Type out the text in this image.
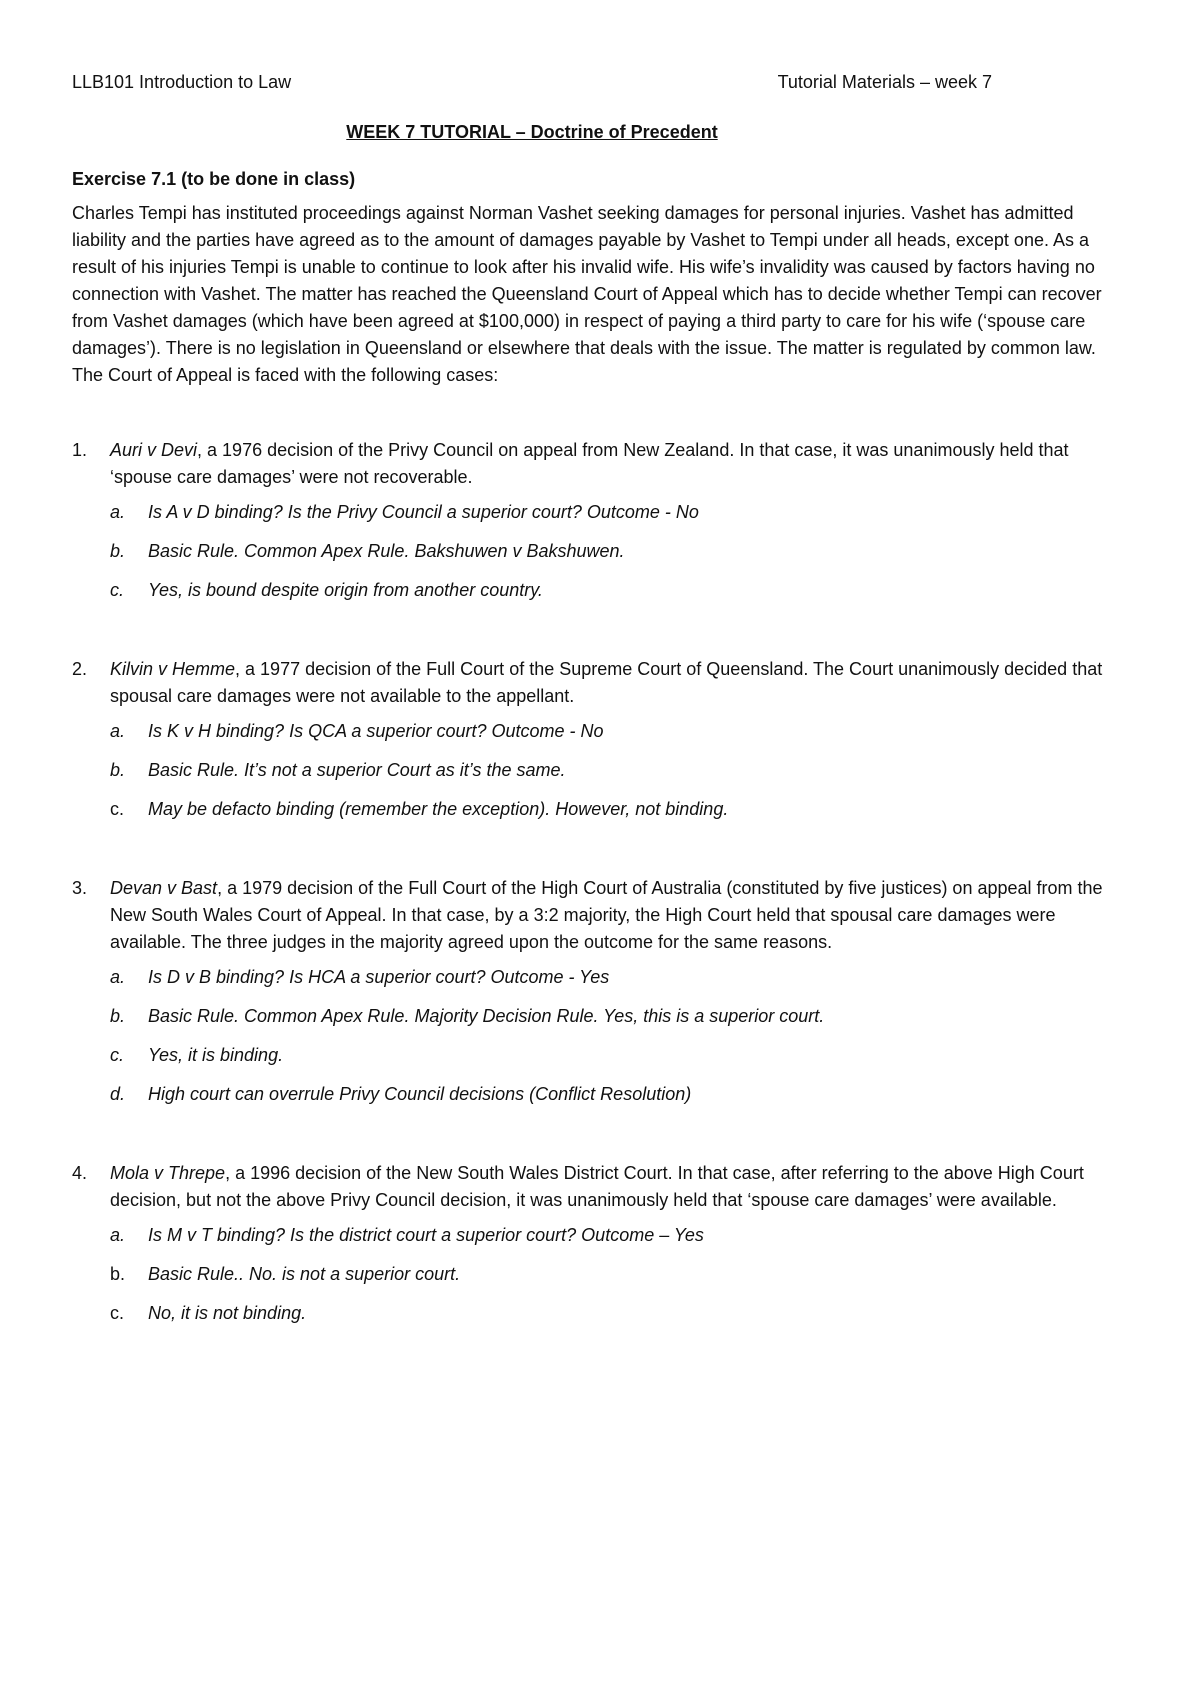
LLB101 Introduction to Law	Tutorial Materials – week 7
WEEK 7 TUTORIAL – Doctrine of Precedent
Exercise 7.1 (to be done in class)
Charles Tempi has instituted proceedings against Norman Vashet seeking damages for personal injuries. Vashet has admitted liability and the parties have agreed as to the amount of damages payable by Vashet to Tempi under all heads, except one. As a result of his injuries Tempi is unable to continue to look after his invalid wife. His wife’s invalidity was caused by factors having no connection with Vashet. The matter has reached the Queensland Court of Appeal which has to decide whether Tempi can recover from Vashet damages (which have been agreed at $100,000) in respect of paying a third party to care for his wife (‘spouse care damages’). There is no legislation in Queensland or elsewhere that deals with the issue. The matter is regulated by common law. The Court of Appeal is faced with the following cases:
1.	Auri v Devi, a 1976 decision of the Privy Council on appeal from New Zealand. In that case, it was unanimously held that ‘spouse care damages’ were not recoverable.
a.	Is A v D binding? Is the Privy Council a superior court? Outcome - No
b.	Basic Rule. Common Apex Rule. Bakshuwen v Bakshuwen.
c.	Yes, is bound despite origin from another country.
2.	Kilvin v Hemme, a 1977 decision of the Full Court of the Supreme Court of Queensland. The Court unanimously decided that spousal care damages were not available to the appellant.
a.	Is K v H binding? Is QCA a superior court? Outcome - No
b.	Basic Rule. It’s not a superior Court as it’s the same.
c.	May be defacto binding (remember the exception). However, not binding.
3.	Devan v Bast, a 1979 decision of the Full Court of the High Court of Australia (constituted by five justices) on appeal from the New South Wales Court of Appeal. In that case, by a 3:2 majority, the High Court held that spousal care damages were available. The three judges in the majority agreed upon the outcome for the same reasons.
a.	Is D v B binding? Is HCA a superior court? Outcome - Yes
b.	Basic Rule. Common Apex Rule. Majority Decision Rule. Yes, this is a superior court.
c.	Yes, it is binding.
d.	High court can overrule Privy Council decisions (Conflict Resolution)
4.	Mola v Threpe, a 1996 decision of the New South Wales District Court. In that case, after referring to the above High Court decision, but not the above Privy Council decision, it was unanimously held that ‘spouse care damages’ were available.
a.	Is M v T binding? Is the district court a superior court? Outcome – Yes
b.	Basic Rule.. No. is not a superior court.
c.	No, it is not binding.
